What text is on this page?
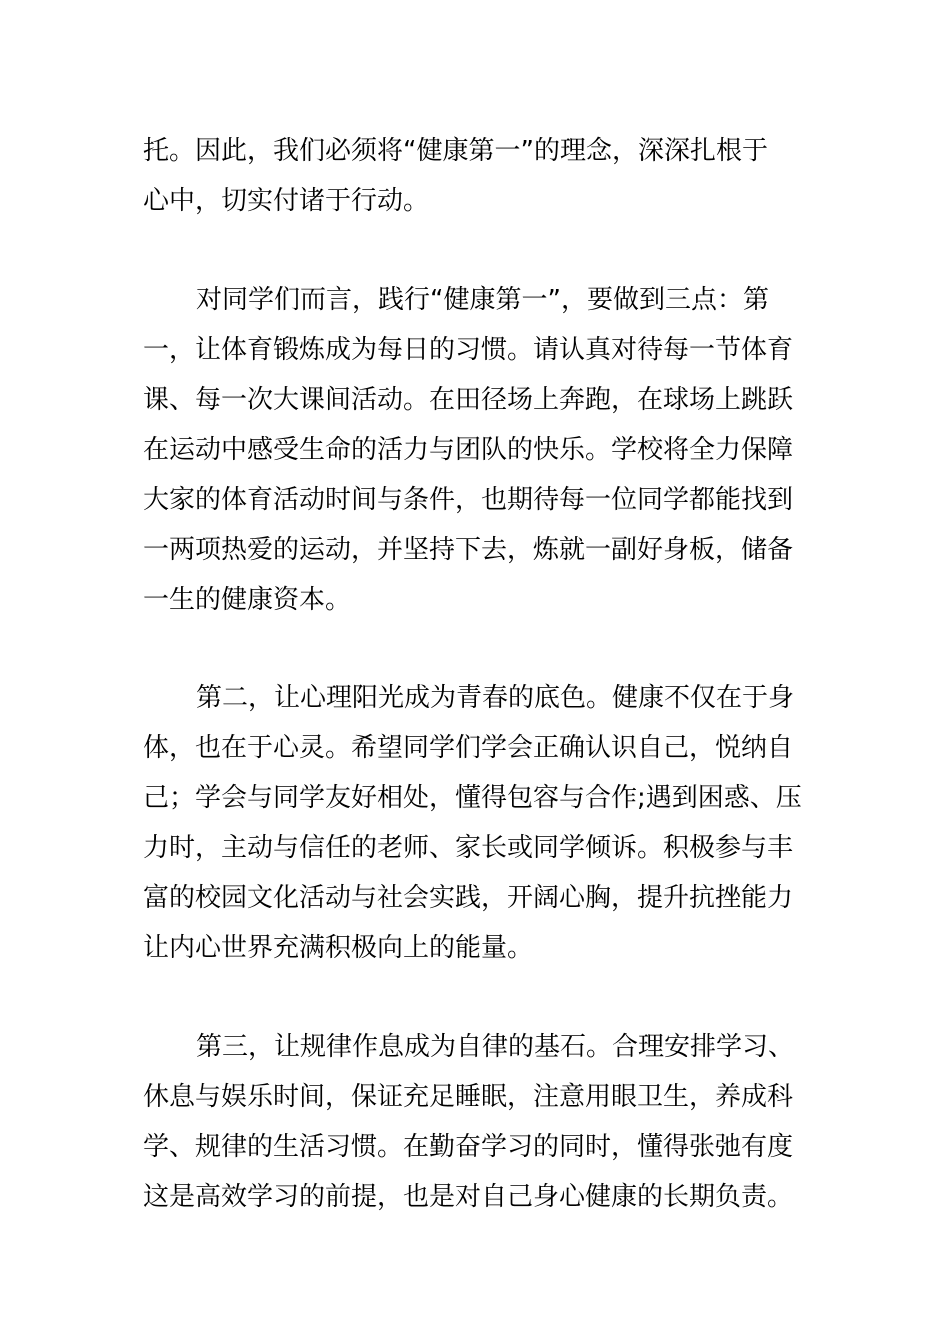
托。因此，我们必须将“健康第一”的理念，深深扎根于
心中，切实付诸于行动。
对同学们而言，践行“健康第一”，要做到三点：第
一，让体育锻炼成为每日的习惯。请认真对待每一节体育
课、每一次大课间活动。在田径场上奔跑，在球场上跳跃
在运动中感受生命的活力与团队的快乐。学校将全力保障
大家的体育活动时间与条件，也期待每一位同学都能找到
一两项热爱的运动，并坚持下去，炼就一副好身板，储备
一生的健康资本。
第二，让心理阳光成为青春的底色。健康不仅在于身
体，也在于心灵。希望同学们学会正确认识自己，悦纳自
己；学会与同学友好相处，懂得包容与合作;遇到困惑、压
力时，主动与信任的老师、家长或同学倾诉。积极参与丰
富的校园文化活动与社会实践，开阔心胸，提升抗挫能力
让内心世界充满积极向上的能量。
第三，让规律作息成为自律的基石。合理安排学习、
休息与娱乐时间，保证充足睡眠，注意用眼卫生，养成科
学、规律的生活习惯。在勤奋学习的同时，懂得张弛有度
这是高效学习的前提，也是对自己身心健康的长期负责。
